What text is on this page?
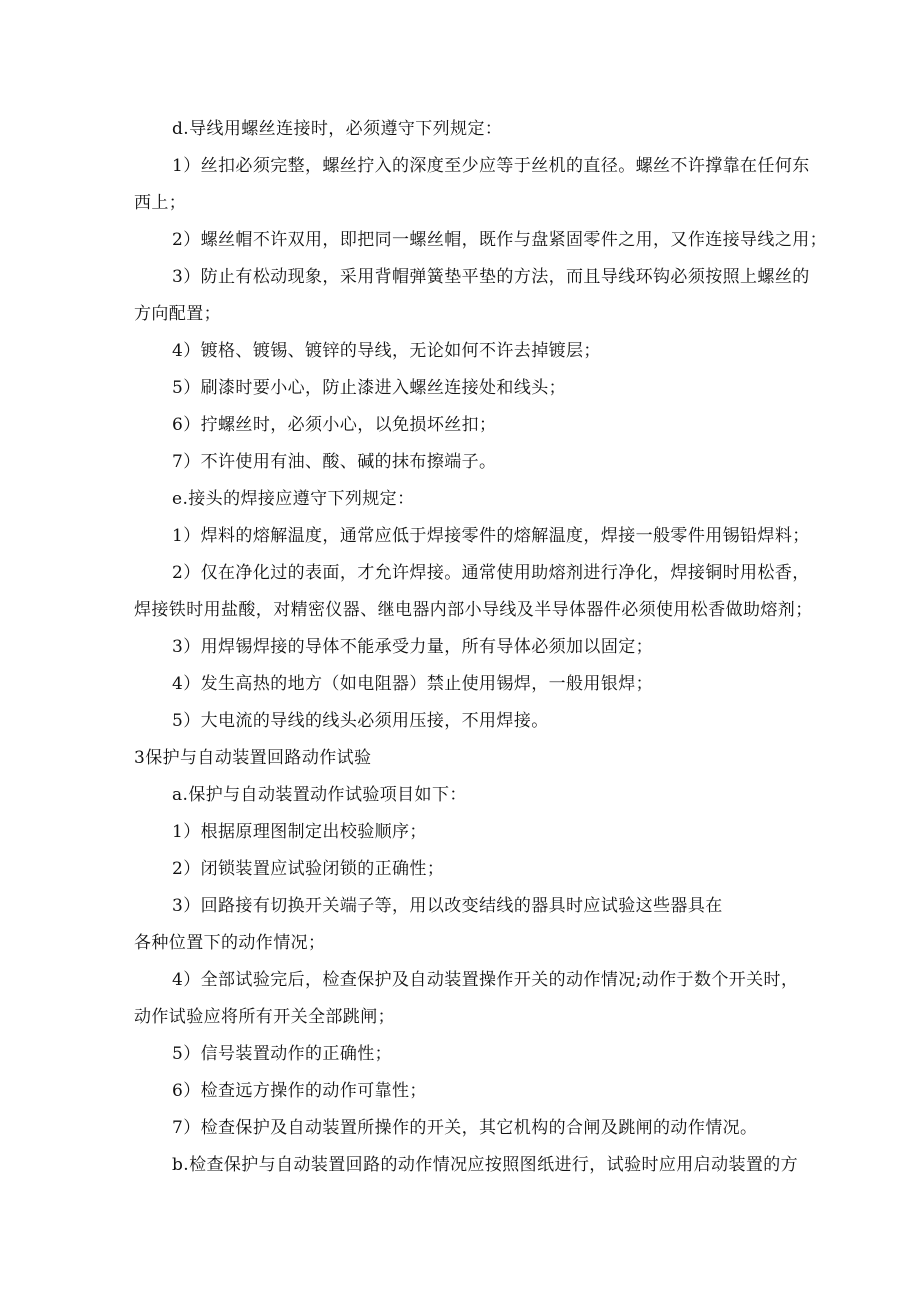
d.导线用螺丝连接时，必须遵守下列规定：
1）丝扣必须完整，螺丝拧入的深度至少应等于丝机的直径。螺丝不许撑靠在任何东
西上；
2）螺丝帽不许双用，即把同一螺丝帽，既作与盘紧固零件之用，又作连接导线之用；
3）防止有松动现象，采用背帽弹簧垫平垫的方法，而且导线环钩必须按照上螺丝的
方向配置；
4）镀格、镀锡、镀锌的导线，无论如何不许去掉镀层；
5）刷漆时要小心，防止漆进入螺丝连接处和线头；
6）拧螺丝时，必须小心，以免损坏丝扣；
7）不许使用有油、酸、碱的抹布擦端子。
e.接头的焊接应遵守下列规定：
1）焊料的熔解温度，通常应低于焊接零件的熔解温度，焊接一般零件用锡铅焊料；
2）仅在净化过的表面，才允许焊接。通常使用助熔剂进行净化，焊接铜时用松香，
焊接铁时用盐酸，对精密仪器、继电器内部小导线及半导体器件必须使用松香做助熔剂；
3）用焊锡焊接的导体不能承受力量，所有导体必须加以固定；
4）发生高热的地方（如电阻器）禁止使用锡焊，一般用银焊；
5）大电流的导线的线头必须用压接，不用焊接。
3保护与自动装置回路动作试验
a.保护与自动装置动作试验项目如下：
1）根据原理图制定出校验顺序；
2）闭锁装置应试验闭锁的正确性；
3）回路接有切换开关端子等，用以改变结线的器具时应试验这些器具在
各种位置下的动作情况；
4）全部试验完后，检查保护及自动装置操作开关的动作情况;动作于数个开关时，
动作试验应将所有开关全部跳闸；
5）信号装置动作的正确性；
6）检查远方操作的动作可靠性；
7）检查保护及自动装置所操作的开关，其它机构的合闸及跳闸的动作情况。
b.检查保护与自动装置回路的动作情况应按照图纸进行，试验时应用启动装置的方
